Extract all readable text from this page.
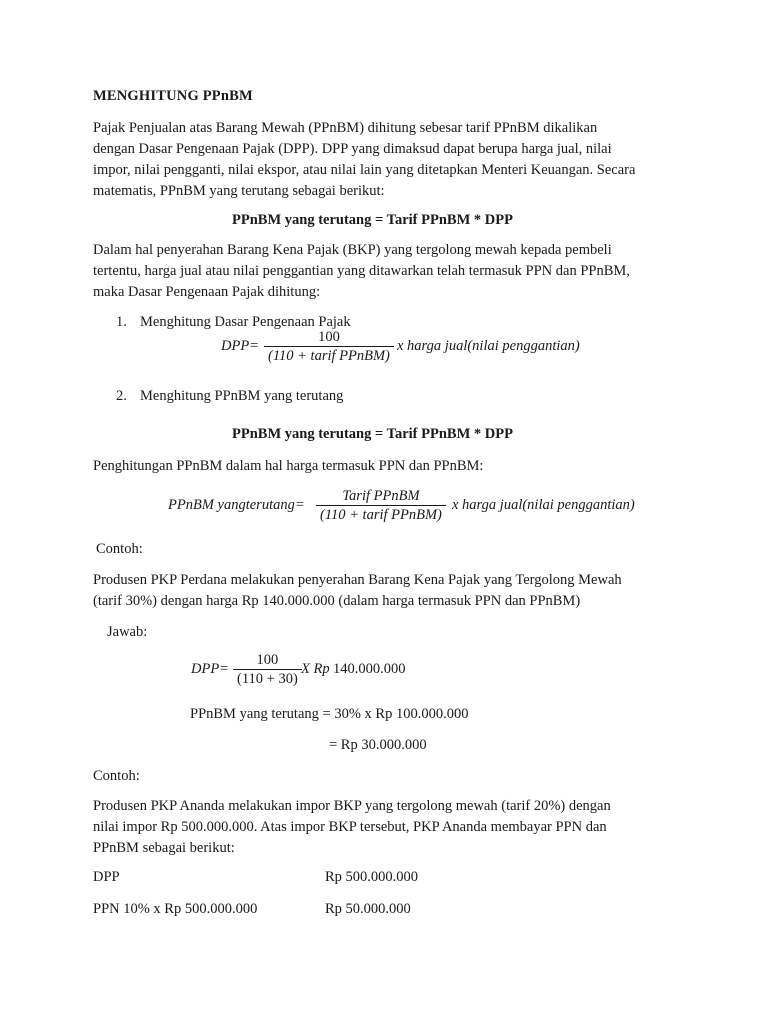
MENGHITUNG PPnBM
Pajak Penjualan atas Barang Mewah (PPnBM) dihitung sebesar tarif PPnBM dikalikan
dengan Dasar Pengenaan Pajak (DPP). DPP yang dimaksud dapat berupa harga jual, nilai
impor, nilai pengganti, nilai ekspor, atau nilai lain yang ditetapkan Menteri Keuangan. Secara
matematis, PPnBM yang terutang sebagai berikut:
PPnBM yang terutang = Tarif PPnBM * DPP
Dalam hal penyerahan Barang Kena Pajak (BKP) yang tergolong mewah kepada pembeli
tertentu, harga jual atau nilai penggantian yang ditawarkan telah termasuk PPN dan PPnBM,
maka Dasar Pengenaan Pajak dihitung:
1. Menghitung Dasar Pengenaan Pajak
DPP=
100
(110 + tarif PPnBM)
x harga jual(nilai penggantian)
2. Menghitung PPnBM yang terutang
PPnBM yang terutang = Tarif PPnBM * DPP
Penghitungan PPnBM dalam hal harga termasuk PPN dan PPnBM:
PPnBM yangterutang=
Tarif PPnBM
(110 + tarif PPnBM)
x harga jual(nilai penggantian)
Contoh:
Produsen PKP Perdana melakukan penyerahan Barang Kena Pajak yang Tergolong Mewah
(tarif 30%) dengan harga Rp 140.000.000 (dalam harga termasuk PPN dan PPnBM)
Jawab:
$DPP= \frac{100}{(110 + 30)}$ X Rp 140.000.000
PPnBM yang terutang = 30% x Rp 100.000.000
= Rp 30.000.000
Contoh:
Produsen PKP Ananda melakukan impor BKP yang tergolong mewah (tarif 20%) dengan
nilai impor Rp 500.000.000. Atas impor BKP tersebut, PKP Ananda membayar PPN dan
PPnBM sebagai berikut:
DPP	Rp 500.000.000
PPN 10% x Rp 500.000.000	Rp 50.000.000
